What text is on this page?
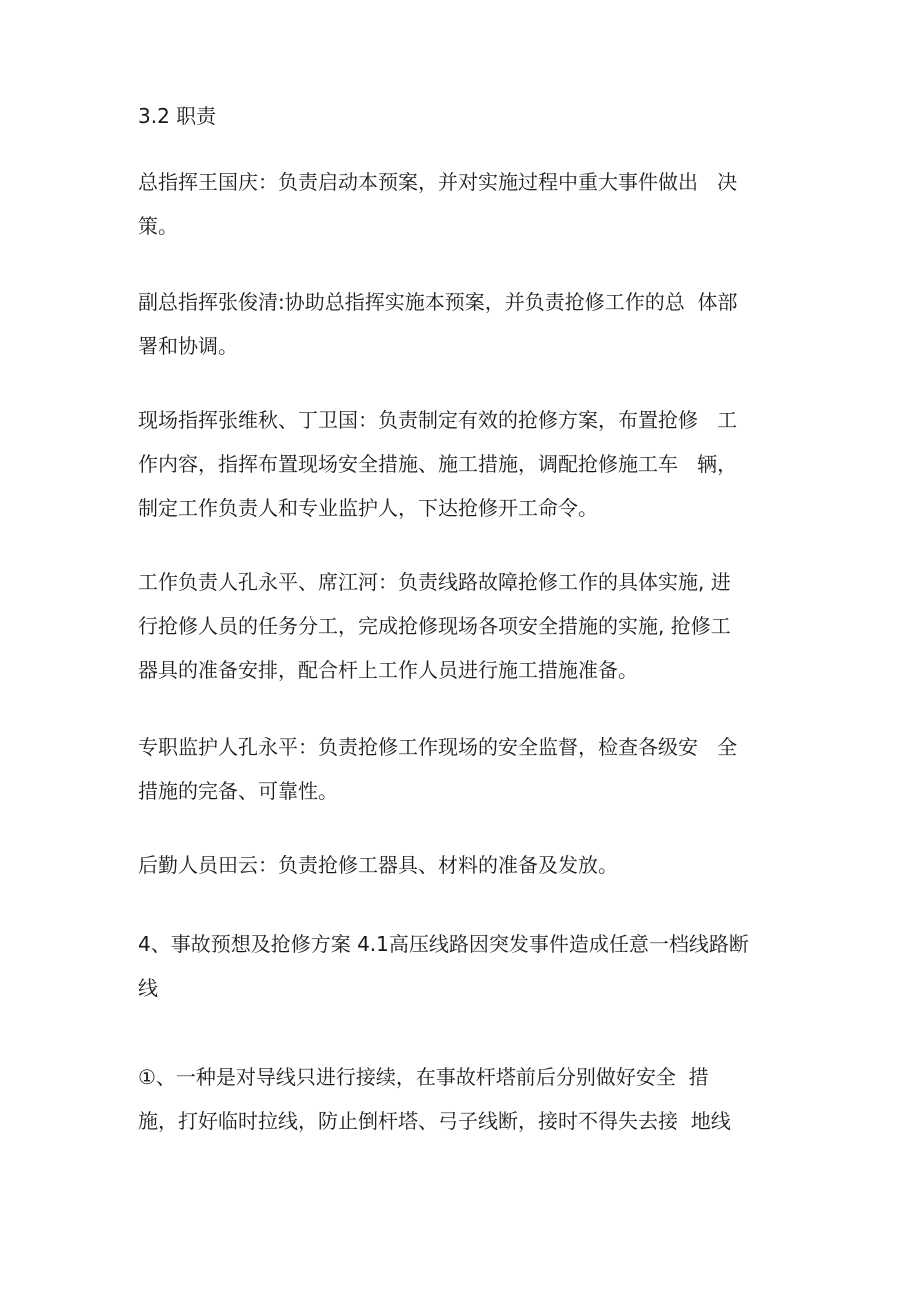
3.2 职责
总指挥王国庆：负责启动本预案，并对实施过程中重大事件做出   决
策。
副总指挥张俊清:协助总指挥实施本预案，并负责抢修工作的总  体部
署和协调。
现场指挥张维秋、丁卫国：负责制定有效的抢修方案，布置抢修   工
作内容，指挥布置现场安全措施、施工措施，调配抢修施工车   辆，
制定工作负责人和专业监护人，下达抢修开工命令。
工作负责人孔永平、席江河：负责线路故障抢修工作的具体实施, 进
行抢修人员的任务分工，完成抢修现场各项安全措施的实施, 抢修工
器具的准备安排，配合杆上工作人员进行施工措施准备。
专职监护人孔永平：负责抢修工作现场的安全监督，检查各级安   全
措施的完备、可靠性。
后勤人员田云：负责抢修工器具、材料的准备及发放。
4、事故预想及抢修方案 4.1高压线路因突发事件造成任意一档线路断
线
①、一种是对导线只进行接续，在事故杆塔前后分别做好安全  措
施，打好临时拉线，防止倒杆塔、弓子线断，接时不得失去接  地线
